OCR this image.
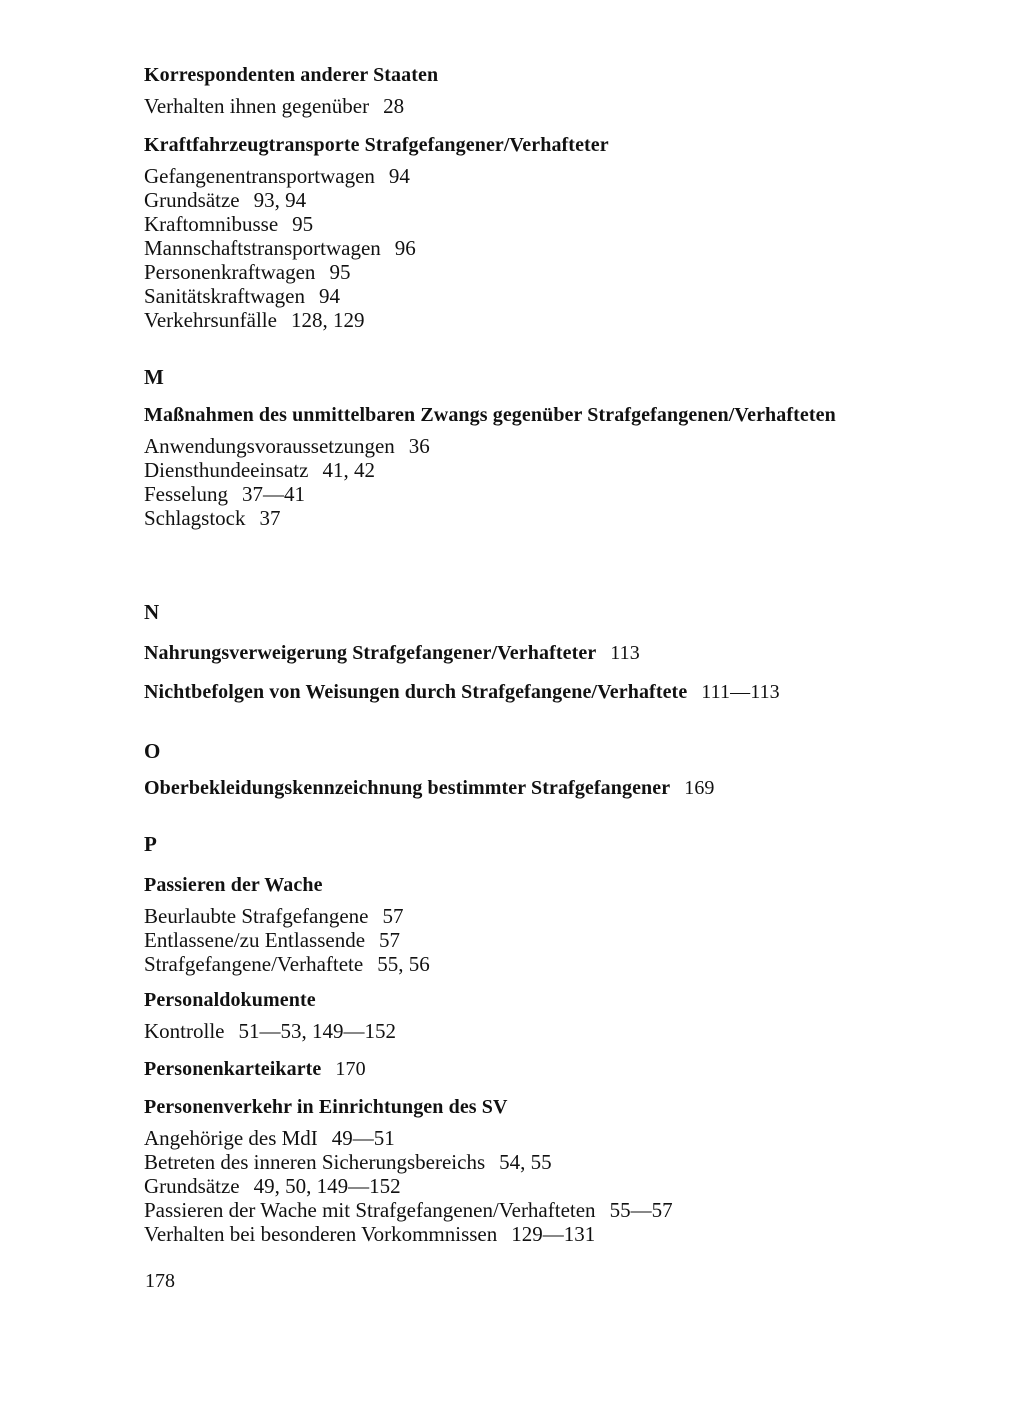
Korrespondenten anderer Staaten
Verhalten ihnen gegenüber 28
Kraftfahrzeugtransporte Strafgefangener/Verhafteter
Gefangenentransportwagen 94
Grundsätze 93, 94
Kraftomnibusse 95
Mannschaftstransportwagen 96
Personenkraftwagen 95
Sanitätskraftwagen 94
Verkehrsunfälle 128, 129
M
Maßnahmen des unmittelbaren Zwangs gegenüber Strafgefangenen/Verhafteten
Anwendungsvoraussetzungen 36
Diensthundeeinsatz 41, 42
Fesselung 37—41
Schlagstock 37
N
Nahrungsverweigerung Strafgefangener/Verhafteter 113
Nichtbefolgen von Weisungen durch Strafgefangene/Verhaftete 111—113
O
Oberbekleidungskennzeichnung bestimmter Strafgefangener 169
P
Passieren der Wache
Beurlaubte Strafgefangene 57
Entlassene/zu Entlassende 57
Strafgefangene/Verhaftete 55, 56
Personaldokumente
Kontrolle 51—53, 149—152
Personenkarteikarte 170
Personenverkehr in Einrichtungen des SV
Angehörige des MdI 49—51
Betreten des inneren Sicherungsbereichs 54, 55
Grundsätze 49, 50, 149—152
Passieren der Wache mit Strafgefangenen/Verhafteten 55—57
Verhalten bei besonderen Vorkommnissen 129—131
178
